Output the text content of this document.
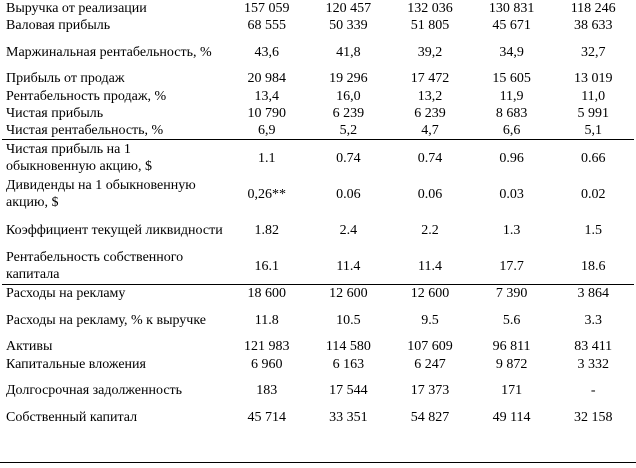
Выручка от реализации	157 059	120 457	132 036	130 831	118 246
Валовая прибыль	68 555	50 339	51 805	45 671	38 633
Маржинальная рентабельность, %	43,6	41,8	39,2	34,9	32,7
Прибыль от продаж	20 984	19 296	17 472	15 605	13 019
Рентабельность продаж, %	13,4	16,0	13,2	11,9	11,0
Чистая прибыль	10 790	6 239	6 239	8 683	5 991
Чистая рентабельность, %	6,9	5,2	4,7	6,6	5,1
Чистая прибыль на 1 обыкновенную акцию, $	1.1	0.74	0.74	0.96	0.66
Дивиденды на 1 обыкновенную акцию, $	0,26**	0.06	0.06	0.03	0.02
Коэффициент текущей ликвидности	1.82	2.4	2.2	1.3	1.5
Рентабельность собственного капитала	16.1	11.4	11.4	17.7	18.6
Расходы на рекламу	18 600	12 600	12 600	7 390	3 864
Расходы на рекламу, % к выручке	11.8	10.5	9.5	5.6	3.3
Активы	121 983	114 580	107 609	96 811	83 411
Капитальные вложения	6 960	6 163	6 247	9 872	3 332
Долгосрочная задолженность	183	17 544	17 373	171	-
Собственный капитал	45 714	33 351	54 827	49 114	32 158
